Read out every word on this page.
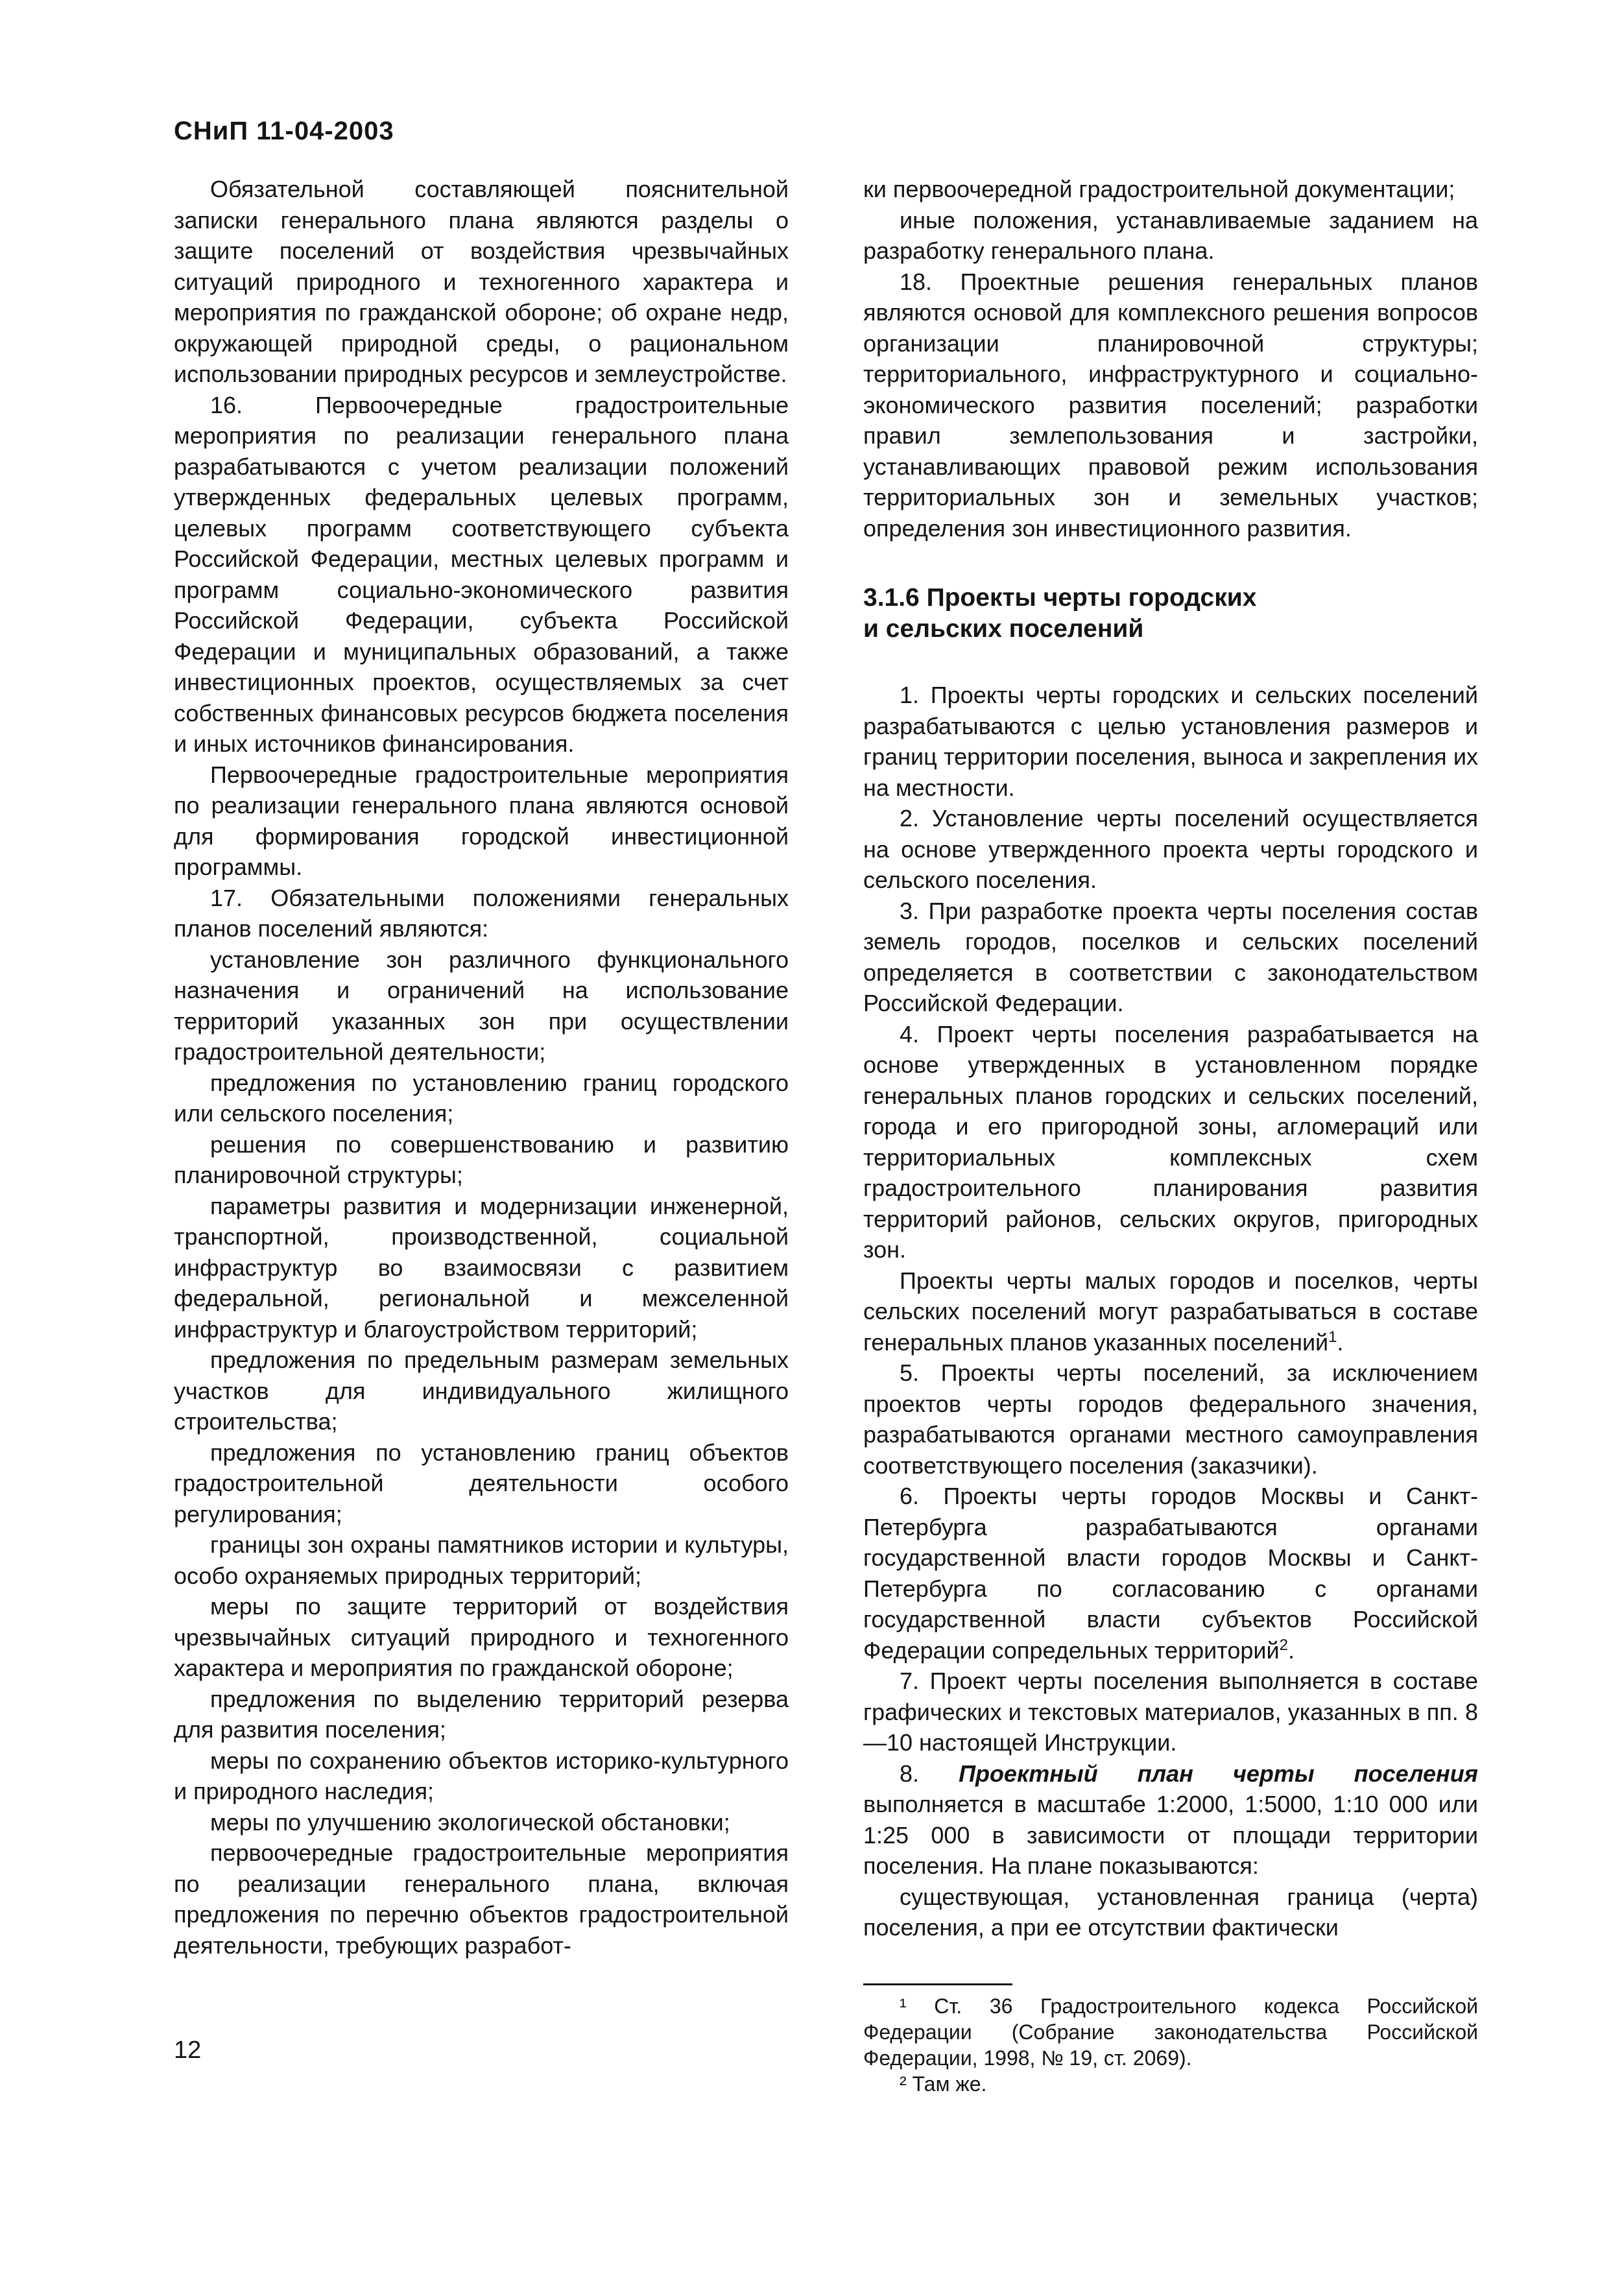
СНиП 11-04-2003

Обязательной составляющей пояснительной записки генерального плана являются разделы о защите поселений от воздействия чрезвычайных ситуаций природного и техногенного характера и мероприятия по гражданской обороне; об охране недр, окружающей природной среды, о рациональном использовании природных ресурсов и землеустройстве.

16. Первоочередные градостроительные мероприятия по реализации генерального плана разрабатываются с учетом реализации положений утвержденных федеральных целевых программ, целевых программ соответствующего субъекта Российской Федерации, местных целевых программ и программ социально-экономического развития Российской Федерации, субъекта Российской Федерации и муниципальных образований, а также инвестиционных проектов, осуществляемых за счет собственных финансовых ресурсов бюджета поселения и иных источников финансирования.

Первоочередные градостроительные мероприятия по реализации генерального плана являются основой для формирования городской инвестиционной программы.

17. Обязательными положениями генеральных планов поселений являются:

установление зон различного функционального назначения и ограничений на использование территорий указанных зон при осуществлении градостроительной деятельности;

предложения по установлению границ городского или сельского поселения;

решения по совершенствованию и развитию планировочной структуры;

параметры развития и модернизации инженерной, транспортной, производственной, социальной инфраструктур во взаимосвязи с развитием федеральной, региональной и межселенной инфраструктур и благоустройством территорий;

предложения по предельным размерам земельных участков для индивидуального жилищного строительства;

предложения по установлению границ объектов градостроительной деятельности особого регулирования;

границы зон охраны памятников истории и культуры, особо охраняемых природных территорий;

меры по защите территорий от воздействия чрезвычайных ситуаций природного и техногенного характера и мероприятия по гражданской обороне;

предложения по выделению территорий резерва для развития поселения;

меры по сохранению объектов историко-культурного и природного наследия;

меры по улучшению экологической обстановки;

первоочередные градостроительные мероприятия по реализации генерального плана, включая предложения по перечню объектов градостроительной деятельности, требующих разработ-

ки первоочередной градостроительной документации;

иные положения, устанавливаемые заданием на разработку генерального плана.

18. Проектные решения генеральных планов являются основой для комплексного решения вопросов организации планировочной структуры; территориального, инфраструктурного и социально-экономического развития поселений; разработки правил землепользования и застройки, устанавливающих правовой режим использования территориальных зон и земельных участков; определения зон инвестиционного развития.

3.1.6 Проекты черты городских
и сельских поселений

1. Проекты черты городских и сельских поселений разрабатываются с целью установления размеров и границ территории поселения, выноса и закрепления их на местности.

2. Установление черты поселений осуществляется на основе утвержденного проекта черты городского и сельского поселения.

3. При разработке проекта черты поселения состав земель городов, поселков и сельских поселений определяется в соответствии с законодательством Российской Федерации.

4. Проект черты поселения разрабатывается на основе утвержденных в установленном порядке генеральных планов городских и сельских поселений, города и его пригородной зоны, агломераций или территориальных комплексных схем градостроительного планирования развития территорий районов, сельских округов, пригородных зон.

Проекты черты малых городов и поселков, черты сельских поселений могут разрабатываться в составе генеральных планов указанных поселений$^1$.

5. Проекты черты поселений, за исключением проектов черты городов федерального значения, разрабатываются органами местного самоуправления соответствующего поселения (заказчики).

6. Проекты черты городов Москвы и Санкт-Петербурга разрабатываются органами государственной власти городов Москвы и Санкт-Петербурга по согласованию с органами государственной власти субъектов Российской Федерации сопредельных территорий$^2$.

7. Проект черты поселения выполняется в составе графических и текстовых материалов, указанных в пп. 8—10 настоящей Инструкции.

8. Проектный план черты поселения выполняется в масштабе 1:2000, 1:5000, 1:10 000 или 1:25 000 в зависимости от площади территории поселения. На плане показываются:

существующая, установленная граница (черта) поселения, а при ее отсутствии фактически

¹ Ст. 36 Градостроительного кодекса Российской Федерации (Собрание законодательства Российской Федерации, 1998, № 19, ст. 2069).

² Там же.

12
